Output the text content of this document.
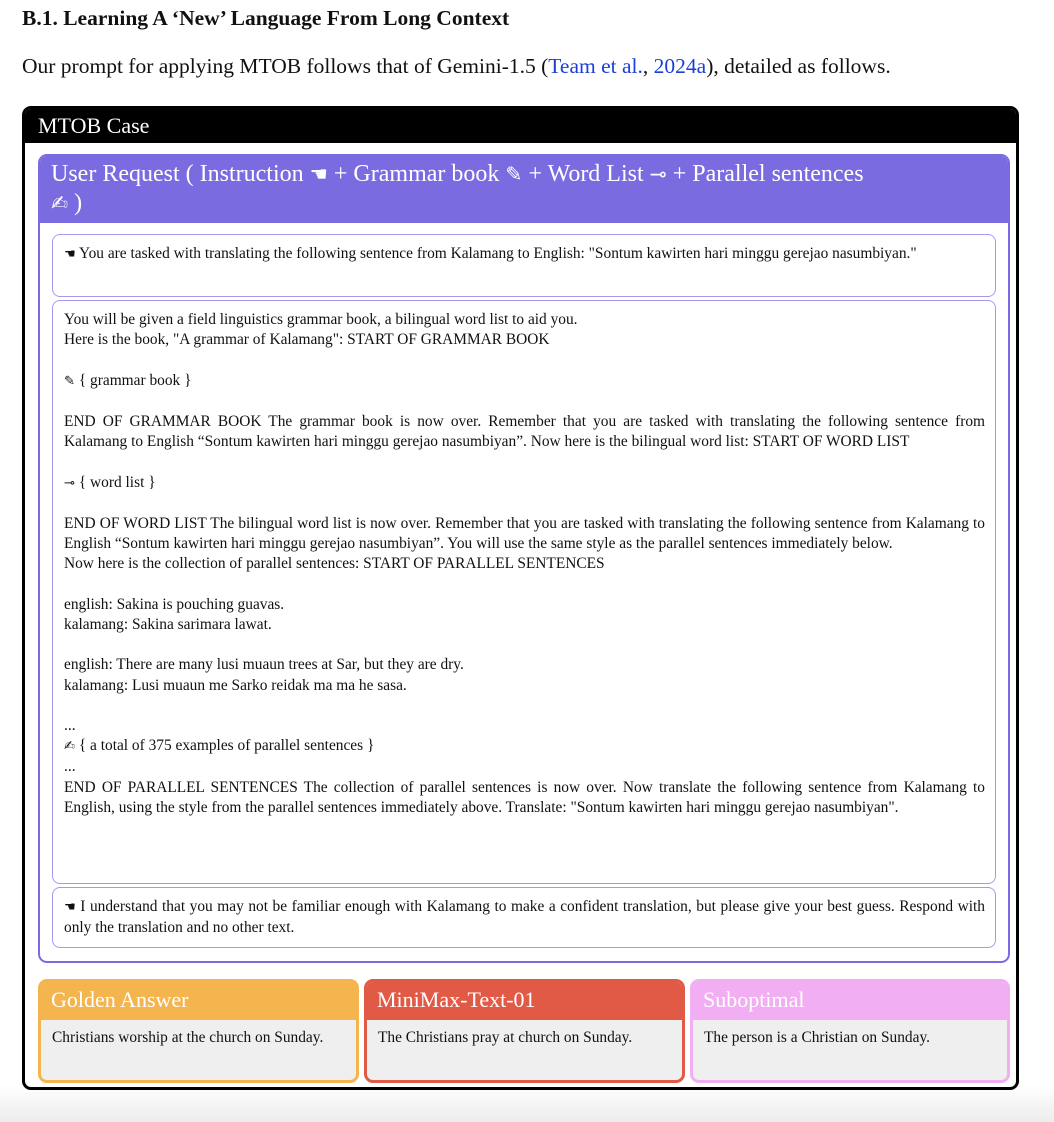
B.1. Learning A ‘New’ Language From Long Context
Our prompt for applying MTOB follows that of Gemini-1.5 (Team et al., 2024a), detailed as follows.
MTOB Case
User Request ( Instruction ☚ + Grammar book ✎ + Word List ⊸ + Parallel sentences
✍ )

☚ You are tasked with translating the following sentence from Kalamang to English: "Sontum kawirten hari minggu gerejao nasumbiyan."

You will be given a field linguistics grammar book, a bilingual word list to aid you.

Here is the book, "A grammar of Kalamang": START OF GRAMMAR BOOK

✎ { grammar book }

END OF GRAMMAR BOOK The grammar book is now over. Remember that you are tasked with translating the following sentence from Kalamang to English “Sontum kawirten hari minggu gerejao nasumbiyan”. Now here is the bilingual word list: START OF WORD LIST

⊸ { word list }

END OF WORD LIST The bilingual word list is now over. Remember that you are tasked with translating the following sentence from Kalamang to English “Sontum kawirten hari minggu gerejao nasumbiyan”. You will use the same style as the parallel sentences immediately below.

Now here is the collection of parallel sentences: START OF PARALLEL SENTENCES

english: Sakina is pouching guavas.

kalamang: Sakina sarimara lawat.

english: There are many lusi muaun trees at Sar, but they are dry.

kalamang: Lusi muaun me Sarko reidak ma ma he sasa.

...

✍ { a total of 375 examples of parallel sentences }

...

END OF PARALLEL SENTENCES The collection of parallel sentences is now over. Now translate the following sentence from Kalamang to English, using the style from the parallel sentences immediately above. Translate: "Sontum kawirten hari minggu gerejao nasumbiyan".

☚ I understand that you may not be familiar enough with Kalamang to make a confident translation, but please give your best guess. Respond with only the translation and no other text.

Golden Answer
Christians worship at the church on Sunday.
MiniMax-Text-01
The Christians pray at church on Sunday.
Suboptimal
The person is a Christian on Sunday.
